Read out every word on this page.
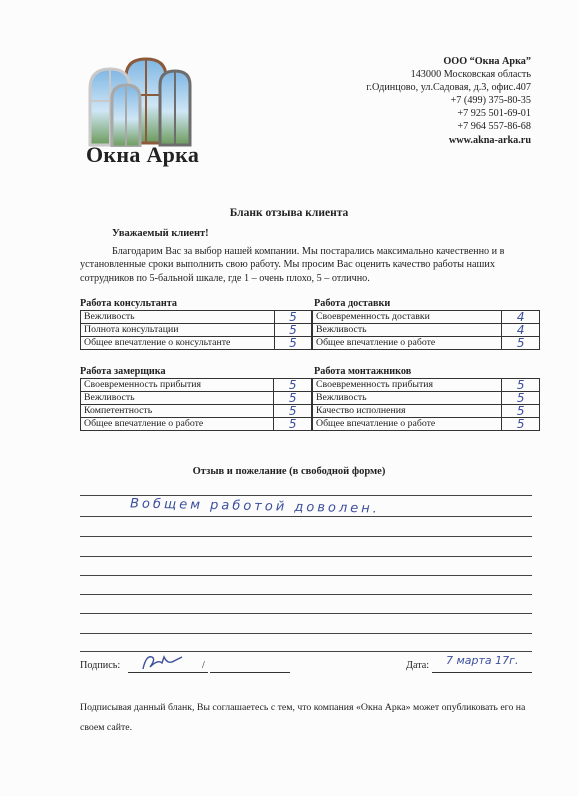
Окна Арка
ООО “Окна Арка”
143000 Московская область
г.Одинцово, ул.Садовая, д.3, офис.407
+7 (499) 375-80-35
+7 925 501-69-01
+7 964 557-86-68
www.akna-arka.ru
Бланк отзыва клиента
Уважаемый клиент!
Благодарим Вас за выбор нашей компании. Мы постарались максимально качественно и в установленные сроки выполнить свою работу. Мы просим Вас оценить качество работы наших сотрудников по 5-бальной шкале, где 1 – очень плохо, 5 – отлично.
Работа консультанта
Вежливость	5
Полнота консультации	5
Общее впечатление о консультанте	5
Работа доставки
Своевременность доставки	4
Вежливость	4
Общее впечатление о работе	5
Работа замерщика
Своевременность прибытия	5
Вежливость	5
Компетентность	5
Общее впечатление о работе	5
Работа монтажников
Своевременность прибытия	5
Вежливость	5
Качество исполнения	5
Общее впечатление о работе	5
Отзыв и пожелание (в свободной форме)
Вобщем работой доволен.
Подпись:	/	Дата: 7 марта 17г.
Подписывая данный бланк, Вы соглашаетесь с тем, что компания «Окна Арка» может опубликовать его на своем сайте.
